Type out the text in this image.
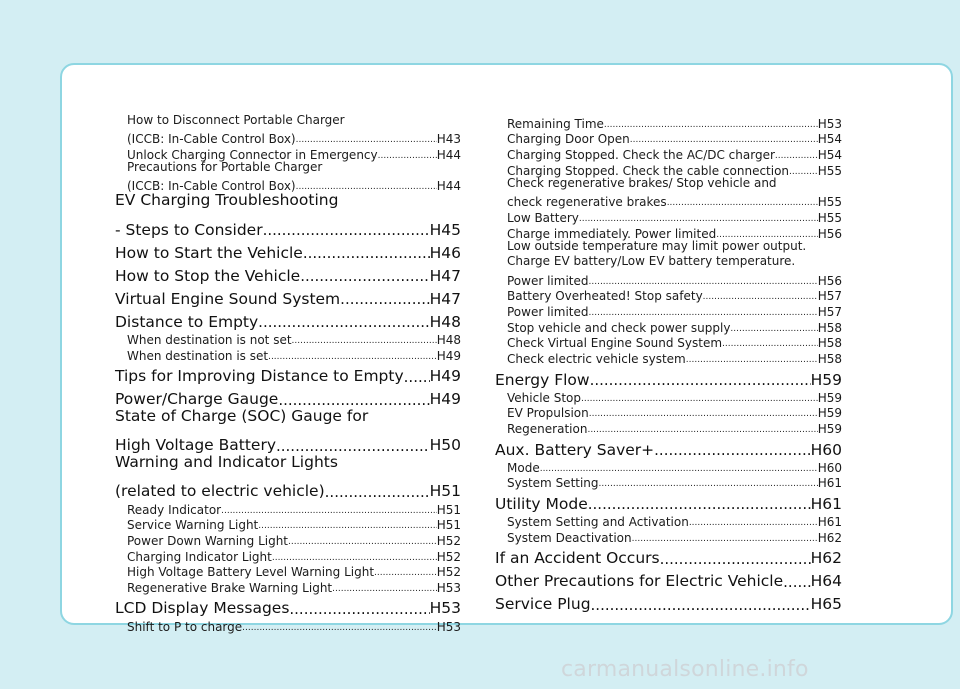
How to Disconnect Portable Charger
(ICCB: In-Cable Control Box) .....	H43
Unlock Charging Connector in Emergency .....	H44
Precautions for Portable Charger
(ICCB: In-Cable Control Box) .....	H44
EV Charging Troubleshooting
- Steps to Consider .....	H45
How to Start the Vehicle .....	H46
How to Stop the Vehicle .....	H47
Virtual Engine Sound System .....	H47
Distance to Empty .....	H48
When destination is not set .....	H48
When destination is set .....	H49
Tips for Improving Distance to Empty ..... H49
Power/Charge Gauge .....	H49
State of Charge (SOC) Gauge for
High Voltage Battery .....	H50
Warning and Indicator Lights
(related to electric vehicle) .....	H51
Ready Indicator .....	H51
Service Warning Light .....	H51
Power Down Warning Light .....	H52
Charging Indicator Light .....	H52
High Voltage Battery Level Warning Light .....	H52
Regenerative Brake Warning Light .....	H53
LCD Display Messages .....	H53
Shift to P to charge .....	H53
Remaining Time .....	H53
Charging Door Open .....	H54
Charging Stopped. Check the AC/DC charger .....	H54
Charging Stopped. Check the cable connection ..... H55
Check regenerative brakes/ Stop vehicle and
check regenerative brakes .....	H55
Low Battery .....	H55
Charge immediately. Power limited .....	H56
Low outside temperature may limit power output.
Charge EV battery/Low EV battery temperature.
Power limited .....	H56
Battery Overheated! Stop safety .....	H57
Power limited .....	H57
Stop vehicle and check power supply .....	H58
Check Virtual Engine Sound System .....	H58
Check electric vehicle system .....	H58
Energy Flow .....	H59
Vehicle Stop .....	H59
EV Propulsion .....	H59
Regeneration .....	H59
Aux. Battery Saver+ .....	H60
Mode .....	H60
System Setting .....	H61
Utility Mode .....	H61
System Setting and Activation .....	H61
System Deactivation .....	H62
If an Accident Occurs .....	H62
Other Precautions for Electric Vehicle ..... H64
Service Plug .....	H65
carmanualsonline.info
